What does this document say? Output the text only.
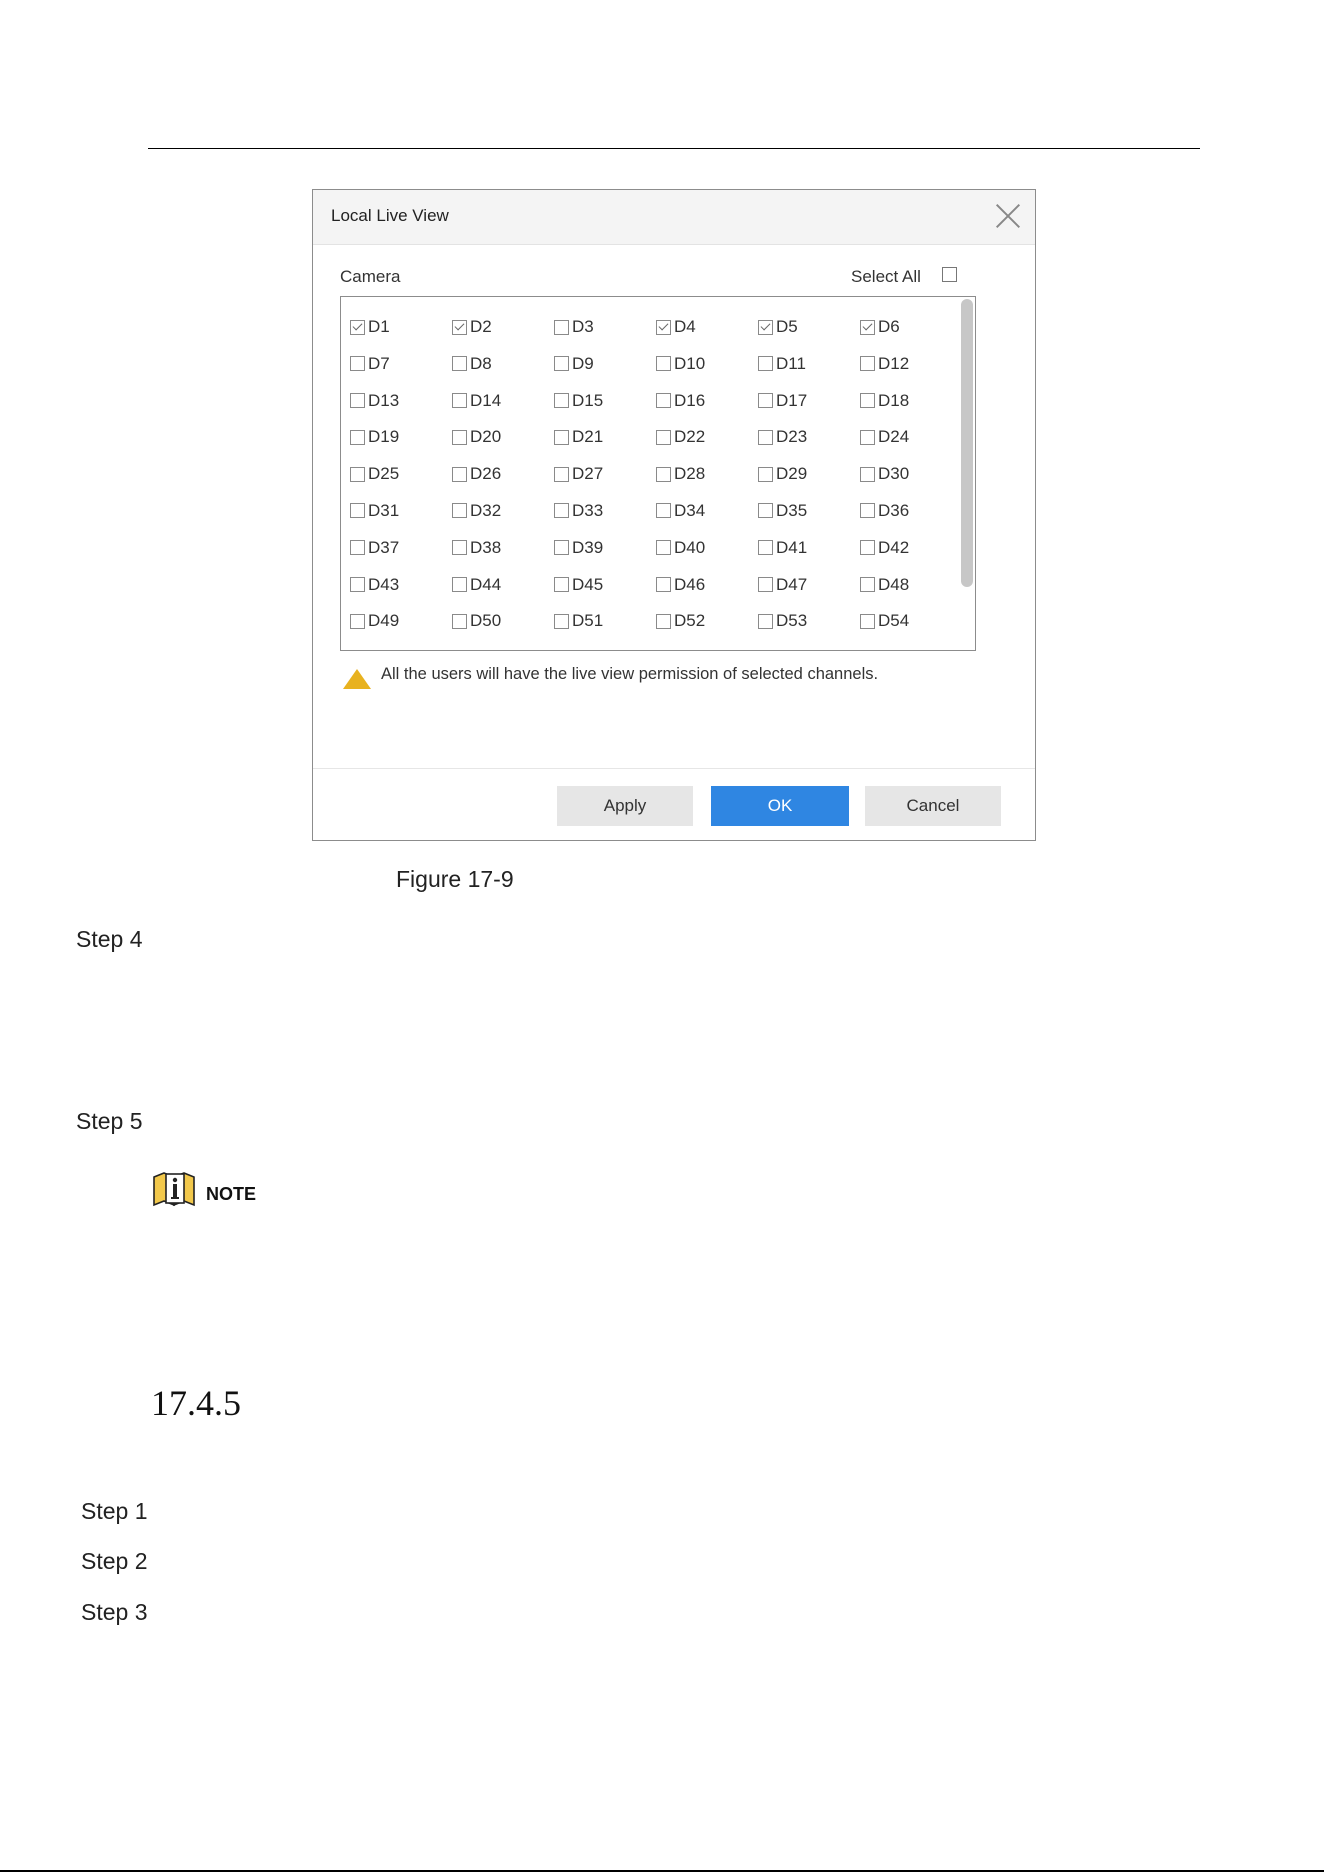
Local Live View
Camera	Select All
D1	D2	D3	D4	D5	D6
D7	D8	D9	D10	D11	D12
D13	D14	D15	D16	D17	D18
D19	D20	D21	D22	D23	D24
D25	D26	D27	D28	D29	D30
D31	D32	D33	D34	D35	D36
D37	D38	D39	D40	D41	D42
D43	D44	D45	D46	D47	D48
D49	D50	D51	D52	D53	D54
All the users will have the live view permission of selected channels.
Apply	OK	Cancel
Figure 17-9
Step 4
Step 5
NOTE
17.4.5
Step 1
Step 2
Step 3
